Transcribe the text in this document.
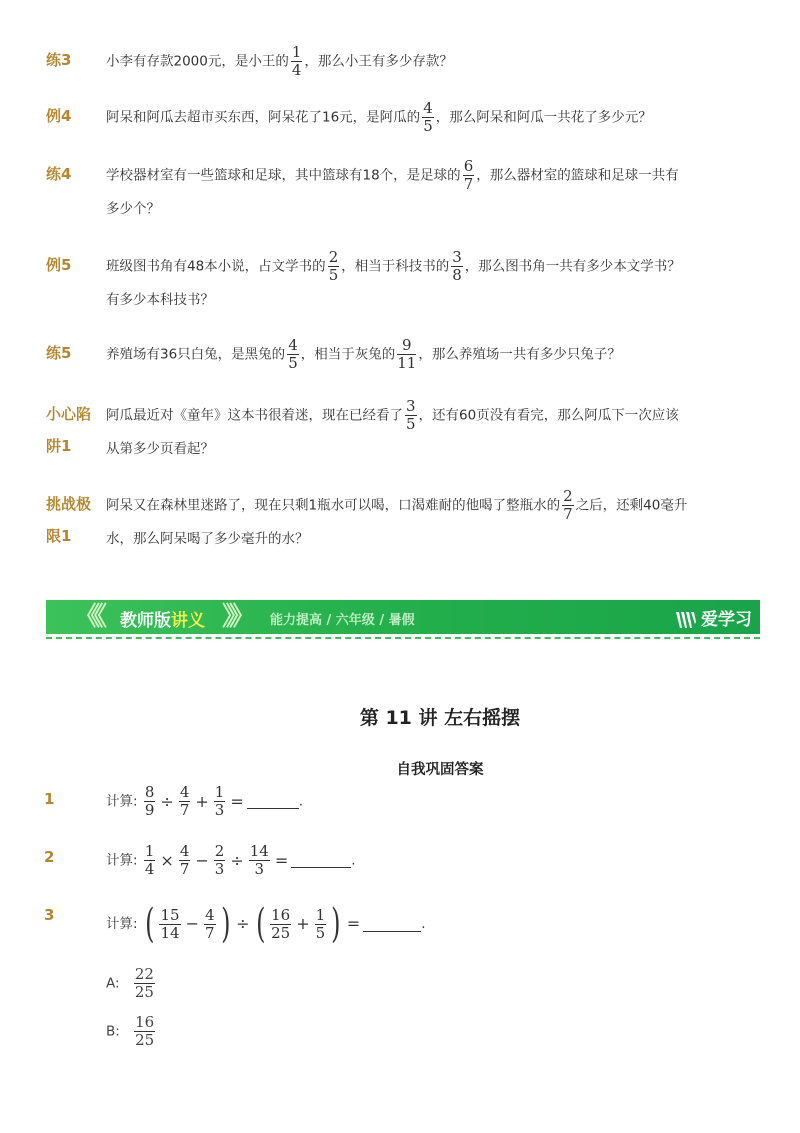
练3	小李有存款2000元，是小王的 $\frac{1}{4}$ ，那么小王有多少存款？
例4	阿呆和阿瓜去超市买东西，阿呆花了16元，是阿瓜的 $\frac{4}{5}$ ，那么阿呆和阿瓜一共花了多少元？
练4	学校器材室有一些篮球和足球，其中篮球有18个，是足球的 $\frac{6}{7}$ ，那么器材室的篮球和足球一共有
多少个？
例5	班级图书角有48本小说，占文学书的 $\frac{2}{5}$ ，相当于科技书的 $\frac{3}{8}$ ，那么图书角一共有多少本文学书？
有多少本科技书？
练5	养殖场有36只白兔，是黑兔的 $\frac{4}{5}$ ，相当于灰兔的 $\frac{9}{11}$ ，那么养殖场一共有多少只兔子？
小心陷
阱1
阿瓜最近对《童年》这本书很着迷，现在已经看了 $\frac{3}{5}$ ，还有60页没有看完，那么阿瓜下一次应该
从第多少页看起？
挑战极
限1
阿呆又在森林里迷路了，现在只剩1瓶水可以喝，口渴难耐的他喝了整瓶水的 $\frac{2}{7}$ 之后，还剩40毫升
水，那么阿呆喝了多少毫升的水？
《《 教师版讲义 》》 能力提高 / 六年级 / 暑假	爱学习
第 11 讲 左右摇摆
自我巩固答案
1	计算: $\frac{8}{9} \div \frac{4}{7} + \frac{1}{3}$ =	.
2	计算: $\frac{1}{4} \times \frac{4}{7} - \frac{2}{3} \div \frac{14}{3}$ =	.
3	计算: ( $\frac{15}{14} - \frac{4}{7}$ ) ÷ ( $\frac{16}{25} + \frac{1}{5}$ ) =	.
A: $\frac{22}{25}$
B: $\frac{16}{25}$
